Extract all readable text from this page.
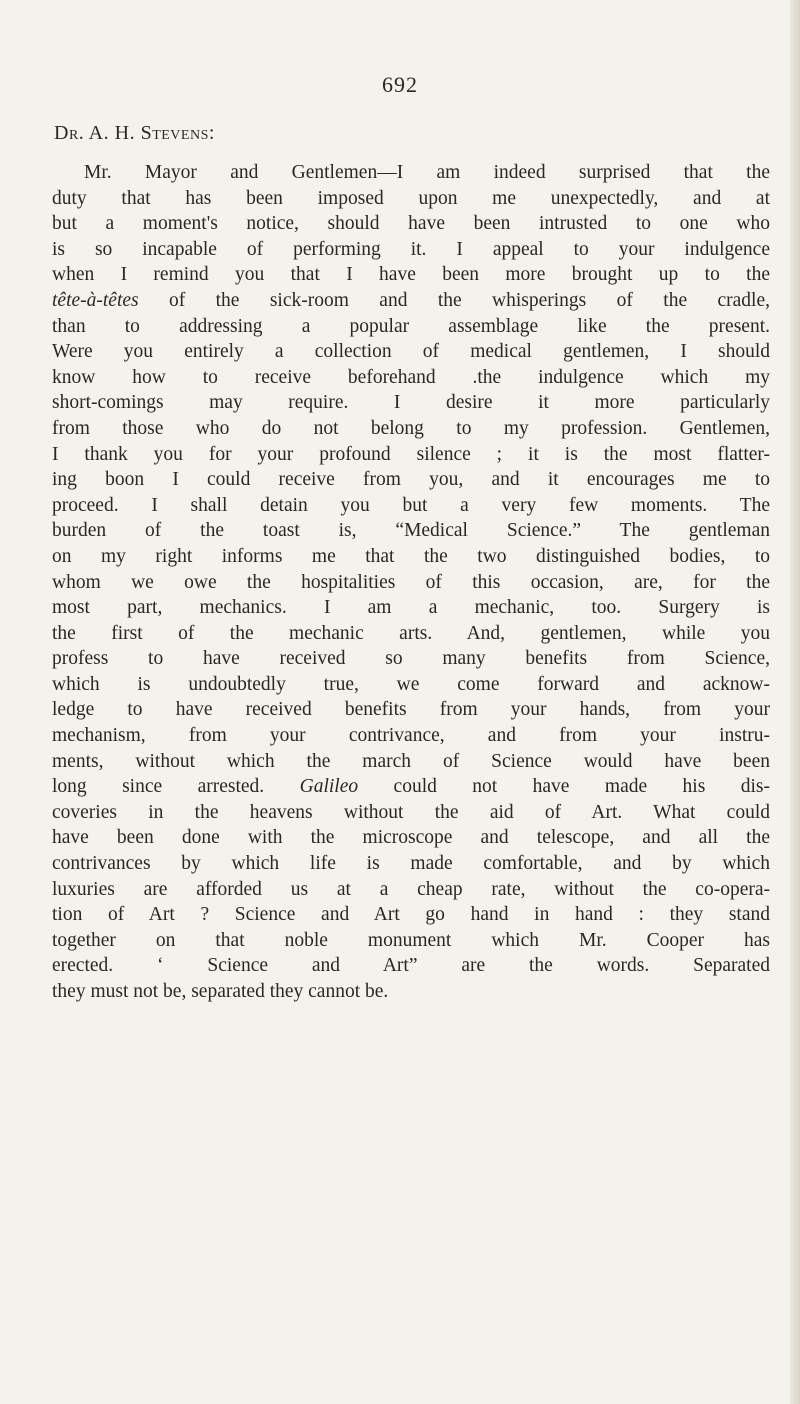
692
Dr. A. H. Stevens:
Mr. Mayor and Gentlemen—I am indeed surprised that the
duty that has been imposed upon me unexpectedly, and at
but a moment's notice, should have been intrusted to one who
is so incapable of performing it. I appeal to your indulgence
when I remind you that I have been more brought up to the
tête-à-têtes of the sick-room and the whisperings of the cradle,
than to addressing a popular assemblage like the present.
Were you entirely a collection of medical gentlemen, I should
know how to receive beforehand .the indulgence which my
short-comings may require. I desire it more particularly
from those who do not belong to my profession. Gentlemen,
I thank you for your profound silence ; it is the most flatter-
ing boon I could receive from you, and it encourages me to
proceed. I shall detain you but a very few moments. The
burden of the toast is, “Medical Science.” The gentleman
on my right informs me that the two distinguished bodies, to
whom we owe the hospitalities of this occasion, are, for the
most part, mechanics. I am a mechanic, too. Surgery is
the first of the mechanic arts. And, gentlemen, while you
profess to have received so many benefits from Science,
which is undoubtedly true, we come forward and acknow-
ledge to have received benefits from your hands, from your
mechanism, from your contrivance, and from your instru-
ments, without which the march of Science would have been
long since arrested. Galileo could not have made his dis-
coveries in the heavens without the aid of Art. What could
have been done with the microscope and telescope, and all the
contrivances by which life is made comfortable, and by which
luxuries are afforded us at a cheap rate, without the co-opera-
tion of Art ? Science and Art go hand in hand : they stand
together on that noble monument which Mr. Cooper has
erected. ‘ Science and Art” are the words. Separated
they must not be, separated they cannot be.
